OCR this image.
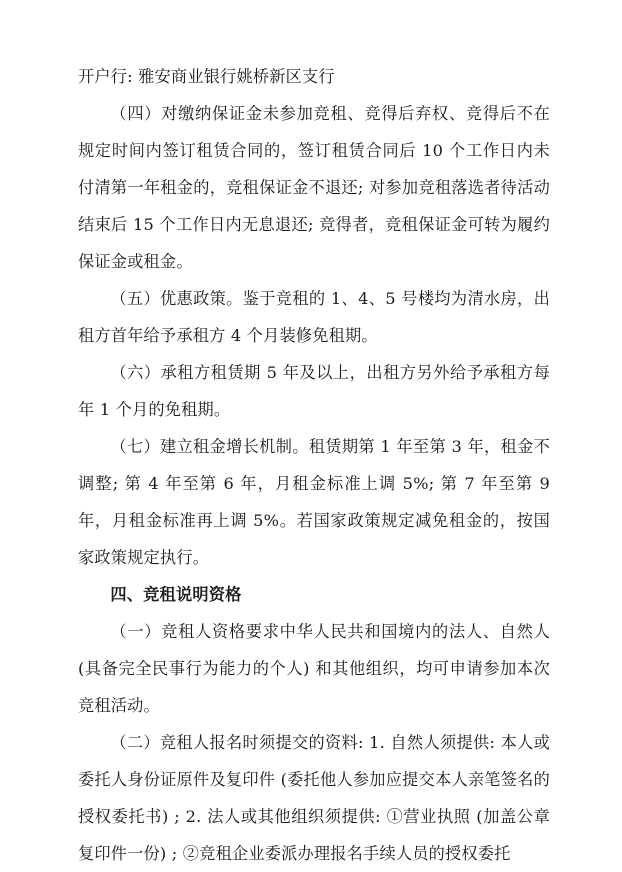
开户行: 雅安商业银行姚桥新区支行

（四）对缴纳保证金未参加竞租、竞得后弃权、竞得后不在规定时间内签订租赁合同的，签订租赁合同后 10 个工作日内未付清第一年租金的，竞租保证金不退还; 对参加竞租落选者待活动结束后 15 个工作日内无息退还; 竞得者，竞租保证金可转为履约保证金或租金。

（五）优惠政策。鉴于竞租的 1、4、5 号楼均为清水房，出租方首年给予承租方 4 个月装修免租期。

（六）承租方租赁期 5 年及以上，出租方另外给予承租方每年 1 个月的免租期。

（七）建立租金增长机制。租赁期第 1 年至第 3 年，租金不调整; 第 4 年至第 6 年，月租金标准上调 5%; 第 7 年至第 9 年，月租金标准再上调 5%。若国家政策规定减免租金的，按国家政策规定执行。

四、竞租说明资格

（一）竞租人资格要求中华人民共和国境内的法人、自然人 (具备完全民事行为能力的个人) 和其他组织，均可申请参加本次竞租活动。

（二）竞租人报名时须提交的资料: 1. 自然人须提供: 本人或委托人身份证原件及复印件 (委托他人参加应提交本人亲笔签名的授权委托书) ; 2. 法人或其他组织须提供: ①营业执照 (加盖公章复印件一份) ; ②竞租企业委派办理报名手续人员的授权委托
